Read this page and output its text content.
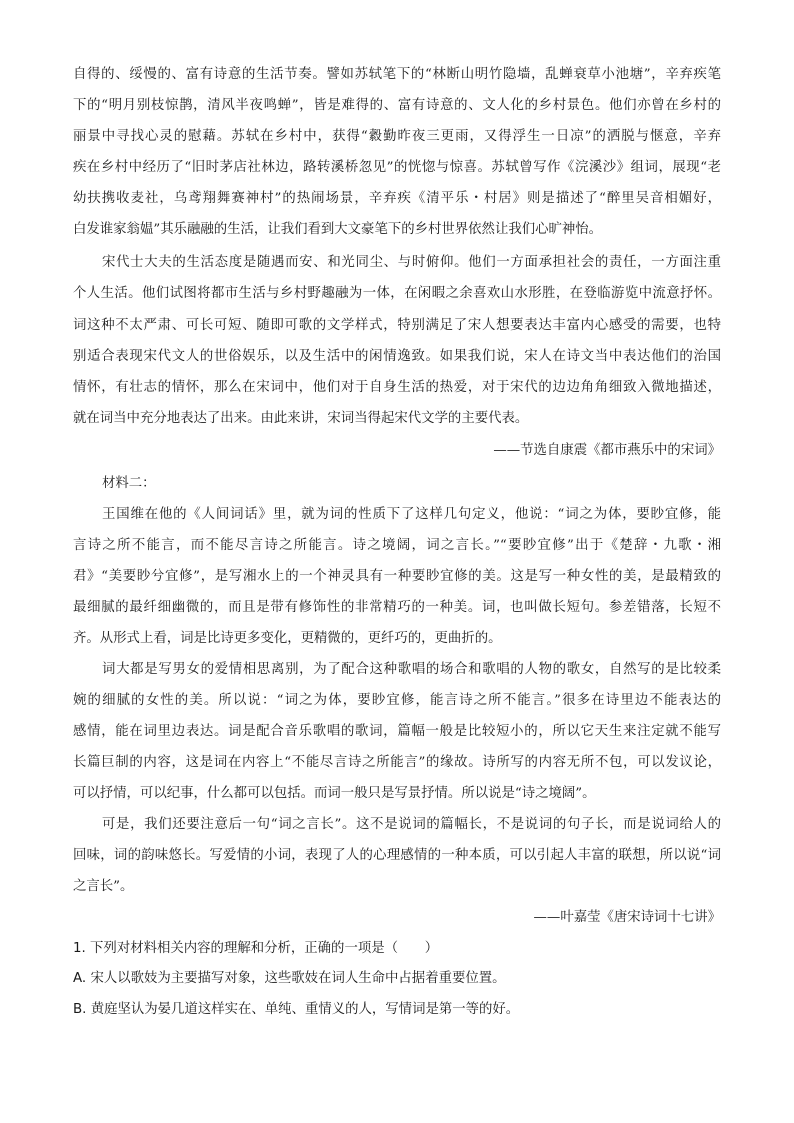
自得的、绥慢的、富有诗意的生活节奏。譬如苏轼笔下的“林断山明竹隐墙，乱蝉衰草小池塘”，辛弃疾笔
下的“明月别枝惊鹊，清风半夜鸣蝉”，皆是难得的、富有诗意的、文人化的乡村景色。他们亦曾在乡村的
丽景中寻找心灵的慰藉。苏轼在乡村中，获得“縠勤昨夜三更雨，又得浮生一日凉”的洒脱与惬意，辛弃
疾在乡村中经历了“旧时茅店社林边，路转溪桥忽见”的恍惚与惊喜。苏轼曾写作《浣溪沙》组词，展现“老
幼扶携收麦社，乌鸢翔舞赛神村”的热闹场景，辛弃疾《清平乐・村居》则是描述了“醉里吴音相媚好，
白发谁家翁媪”其乐融融的生活，让我们看到大文豪笔下的乡村世界依然让我们心旷神怡。
宋代士大夫的生活态度是随遇而安、和光同尘、与时俯仰。他们一方面承担社会的责任，一方面注重
个人生活。他们试图将都市生活与乡村野趣融为一体，在闲暇之余喜欢山水形胜，在登临游览中流意抒怀。
词这种不太严肃、可长可短、随即可歌的文学样式，特别满足了宋人想要表达丰富内心感受的需要，也特
别适合表现宋代文人的世俗娱乐，以及生活中的闲情逸致。如果我们说，宋人在诗文当中表达他们的治国
情怀，有壮志的情怀，那么在宋词中，他们对于自身生活的热爱，对于宋代的边边角角细致入微地描述，
就在词当中充分地表达了出来。由此来讲，宋词当得起宋代文学的主要代表。
——节选自康震《都市燕乐中的宋词》
材料二：
王国维在他的《人间词话》里，就为词的性质下了这样几句定义，他说：“词之为体，要眇宜修，能
言诗之所不能言，而不能尽言诗之所能言。诗之境阔，词之言长。”“要眇宜修”出于《楚辞・九歌・湘
君》“美要眇兮宜修”，是写湘水上的一个神灵具有一种要眇宜修的美。这是写一种女性的美，是最精致的
最细腻的最纤细幽微的，而且是带有修饰性的非常精巧的一种美。词，也叫做长短句。参差错落，长短不
齐。从形式上看，词是比诗更多变化，更精微的，更纤巧的，更曲折的。
词大都是写男女的爱情相思离别，为了配合这种歌唱的场合和歌唱的人物的歌女，自然写的是比较柔
婉的细腻的女性的美。所以说：“词之为体，要眇宜修，能言诗之所不能言。”很多在诗里边不能表达的
感情，能在词里边表达。词是配合音乐歌唱的歌词，篇幅一般是比较短小的，所以它天生来注定就不能写
长篇巨制的内容，这是词在内容上“不能尽言诗之所能言”的缘故。诗所写的内容无所不包，可以发议论，
可以抒情，可以纪事，什么都可以包括。而词一般只是写景抒情。所以说是“诗之境阔”。
可是，我们还要注意后一句“词之言长”。这不是说词的篇幅长，不是说词的句子长，而是说词给人的
回味，词的韵味悠长。写爱情的小词，表现了人的心理感情的一种本质，可以引起人丰富的联想，所以说“词
之言长”。
——叶嘉莹《唐宋诗词十七讲》
1. 下列对材料相关内容的理解和分析，正确的一项是（　　）
A. 宋人以歌妓为主要描写对象，这些歌妓在词人生命中占据着重要位置。
B. 黄庭坚认为晏几道这样实在、单纯、重情义的人，写情词是第一等的好。
